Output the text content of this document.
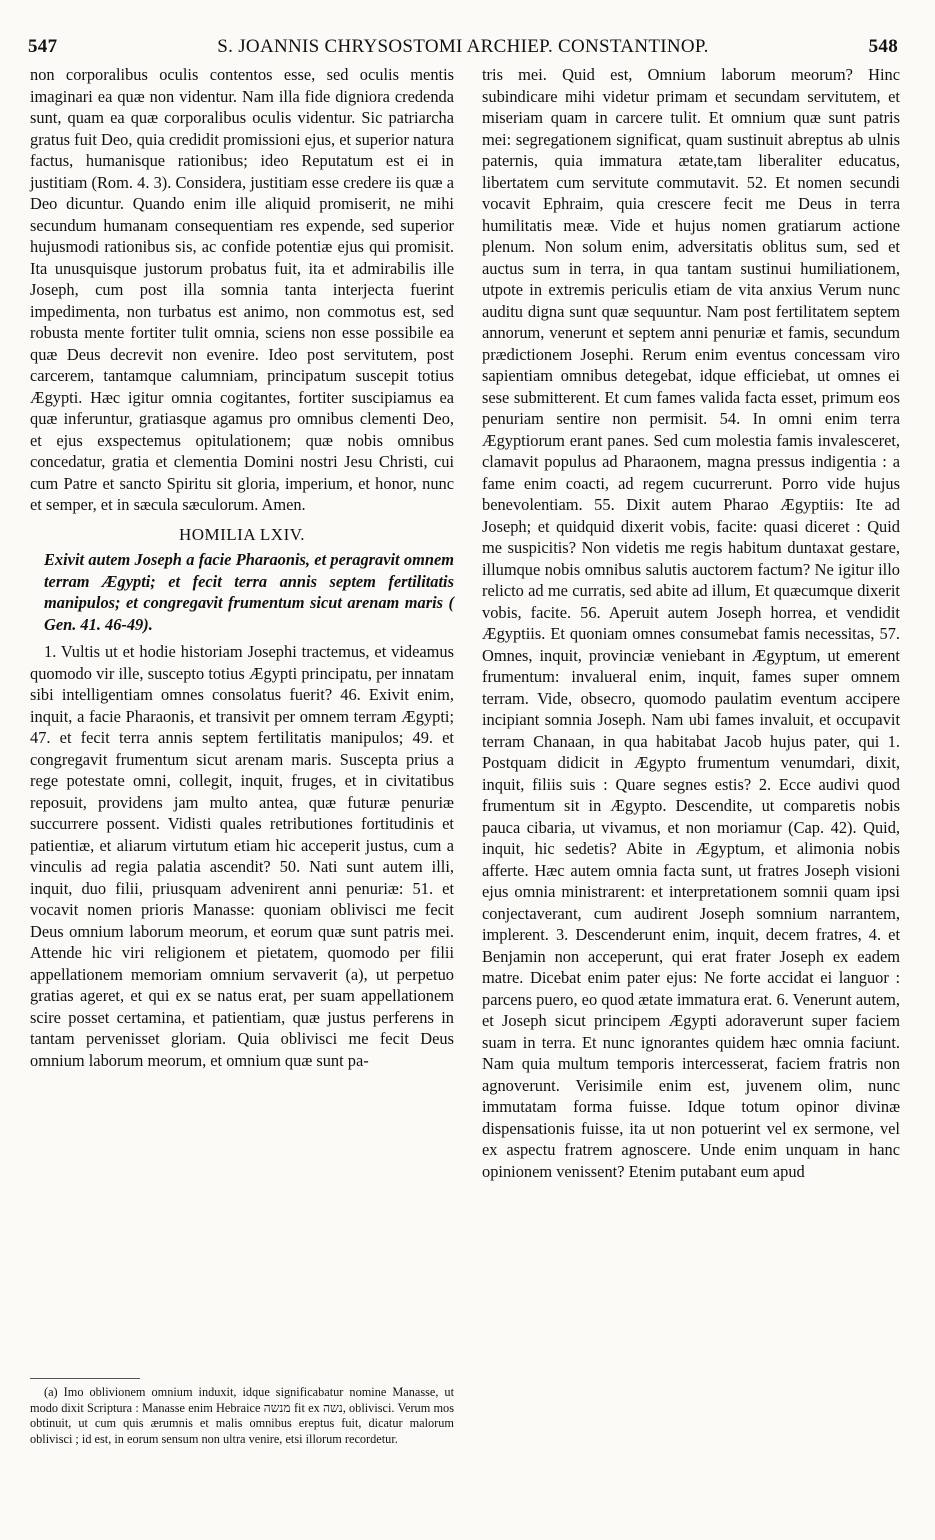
547	S. JOANNIS CHRYSOSTOMI ARCHIEP. CONSTANTINOP.	548

non corporalibus oculis contentos esse, sed oculis mentis imaginari ea quæ non videntur. Nam illa fide digniora credenda sunt, quam ea quæ corporalibus oculis videntur. Sic patriarcha gratus fuit Deo, quia credidit promissioni ejus, et superior natura factus, humanisque rationibus; ideo Reputatum est ei in justitiam (Rom. 4. 3). Considera, justitiam esse credere iis quæ a Deo dicuntur. Quando enim ille aliquid promiserit, ne mihi secundum humanam consequentiam res expende, sed superior hujusmodi rationibus sis, ac confide potentiæ ejus qui promisit. Ita unusquisque justorum probatus fuit, ita et admirabilis ille Joseph, cum post illa somnia tanta interjecta fuerint impedimenta, non turbatus est animo, non commotus est, sed robusta mente fortiter tulit omnia, sciens non esse possibile ea quæ Deus decrevit non evenire. Ideo post servitutem, post carcerem, tantamque calumniam, principatum suscepit totius Ægypti. Hæc igitur omnia cogitantes, fortiter suscipiamus ea quæ inferuntur, gratiasque agamus pro omnibus clementi Deo, et ejus exspectemus opitulationem; quæ nobis omnibus concedatur, gratia et clementia Domini nostri Jesu Christi, cui cum Patre et sancto Spiritu sit gloria, imperium, et honor, nunc et semper, et in sæcula sæculorum. Amen.

HOMILIA LXIV.

Exivit autem Joseph a facie Pharaonis, et peragravit omnem terram Ægypti; et fecit terra annis septem fertilitatis manipulos; et congregavit frumentum sicut arenam maris ( Gen. 41. 46-49).

1. Vultis ut et hodie historiam Josephi tractemus, et videamus quomodo vir ille, suscepto totius Ægypti principatu, per innatam sibi intelligentiam omnes consolatus fuerit? 46. Exivit enim, inquit, a facie Pharaonis, et transivit per omnem terram Ægypti; 47. et fecit terra annis septem fertilitatis manipulos; 49. et congregavit frumentum sicut arenam maris. Suscepta prius a rege potestate omni, collegit, inquit, fruges, et in civitatibus reposuit, providens jam multo antea, quæ futuræ penuriæ succurrere possent. Vidisti quales retributiones fortitudinis et patientiæ, et aliarum virtutum etiam hic acceperit justus, cum a vinculis ad regia palatia ascendit? 50. Nati sunt autem illi, inquit, duo filii, priusquam advenirent anni penuriæ: 51. et vocavit nomen prioris Manasse: quoniam oblivisci me fecit Deus omnium laborum meorum, et eorum quæ sunt patris mei. Attende hic viri religionem et pietatem, quomodo per filii appellationem memoriam omnium servaverit (a), ut perpetuo gratias ageret, et qui ex se natus erat, per suam appellationem scire posset certamina, et patientiam, quæ justus perferens in tantam pervenisset gloriam. Quia oblivisci me fecit Deus omnium laborum meorum, et omnium quæ sunt pa-

tris mei. Quid est, Omnium laborum meorum? Hinc subindicare mihi videtur primam et secundam servitutem, et miseriam quam in carcere tulit. Et omnium quæ sunt patris mei: segregationem significat, quam sustinuit abreptus ab ulnis paternis, quia immatura ætate,tam liberaliter educatus, libertatem cum servitute commutavit. 52. Et nomen secundi vocavit Ephraim, quia crescere fecit me Deus in terra humilitatis meæ. Vide et hujus nomen gratiarum actione plenum. Non solum enim, adversitatis oblitus sum, sed et auctus sum in terra, in qua tantam sustinui humiliationem, utpote in extremis periculis etiam de vita anxius Verum nunc auditu digna sunt quæ sequuntur. Nam post fertilitatem septem annorum, venerunt et septem anni penuriæ et famis, secundum prædictionem Josephi. Rerum enim eventus concessam viro sapientiam omnibus detegebat, idque efficiebat, ut omnes ei sese submitterent. Et cum fames valida facta esset, primum eos penuriam sentire non permisit. 54. In omni enim terra Ægyptiorum erant panes. Sed cum molestia famis invalesceret, clamavit populus ad Pharaonem, magna pressus indigentia : a fame enim coacti, ad regem cucurrerunt. Porro vide hujus benevolentiam. 55. Dixit autem Pharao Ægyptiis: Ite ad Joseph; et quidquid dixerit vobis, facite: quasi diceret : Quid me suspicitis? Non videtis me regis habitum duntaxat gestare, illumque nobis omnibus salutis auctorem factum? Ne igitur illo relicto ad me curratis, sed abite ad illum, Et quæcumque dixerit vobis, facite. 56. Aperuit autem Joseph horrea, et vendidit Ægyptiis. Et quoniam omnes consumebat famis necessitas, 57. Omnes, inquit, provinciæ veniebant in Ægyptum, ut emerent frumentum: invalueral enim, inquit, fames super omnem terram. Vide, obsecro, quomodo paulatim eventum accipere incipiant somnia Joseph. Nam ubi fames invaluit, et occupavit terram Chanaan, in qua habitabat Jacob hujus pater, qui 1. Postquam didicit in Ægypto frumentum venumdari, dixit, inquit, filiis suis : Quare segnes estis? 2. Ecce audivi quod frumentum sit in Ægypto. Descendite, ut comparetis nobis pauca cibaria, ut vivamus, et non moriamur (Cap. 42). Quid, inquit, hic sedetis? Abite in Ægyptum, et alimonia nobis afferte. Hæc autem omnia facta sunt, ut fratres Joseph visioni ejus omnia ministrarent: et interpretationem somnii quam ipsi conjectaverant, cum audirent Joseph somnium narrantem, implerent. 3. Descenderunt enim, inquit, decem fratres, 4. et Benjamin non acceperunt, qui erat frater Joseph ex eadem matre. Dicebat enim pater ejus: Ne forte accidat ei languor : parcens puero, eo quod ætate immatura erat. 6. Venerunt autem, et Joseph sicut principem Ægypti adoraverunt super faciem suam in terra. Et nunc ignorantes quidem hæc omnia faciunt. Nam quia multum temporis intercesserat, faciem fratris non agnoverunt. Verisimile enim est, juvenem olim, nunc immutatam forma fuisse. Idque totum opinor divinæ dispensationis fuisse, ita ut non potuerint vel ex sermone, vel ex aspectu fratrem agnoscere. Unde enim unquam in hanc opinionem venissent? Etenim putabant eum apud

(a) Imo oblivionem omnium induxit, idque significabatur nomine Manasse, ut modo dixit Scriptura : Manasse enim Hebraice מנשה fit ex נשה, oblivisci. Verum mos obtinuit, ut cum quis ærumnis et malis omnibus ereptus fuit, dicatur malorum oblivisci ; id est, in eorum sensum non ultra venire, etsi illorum recordetur.
